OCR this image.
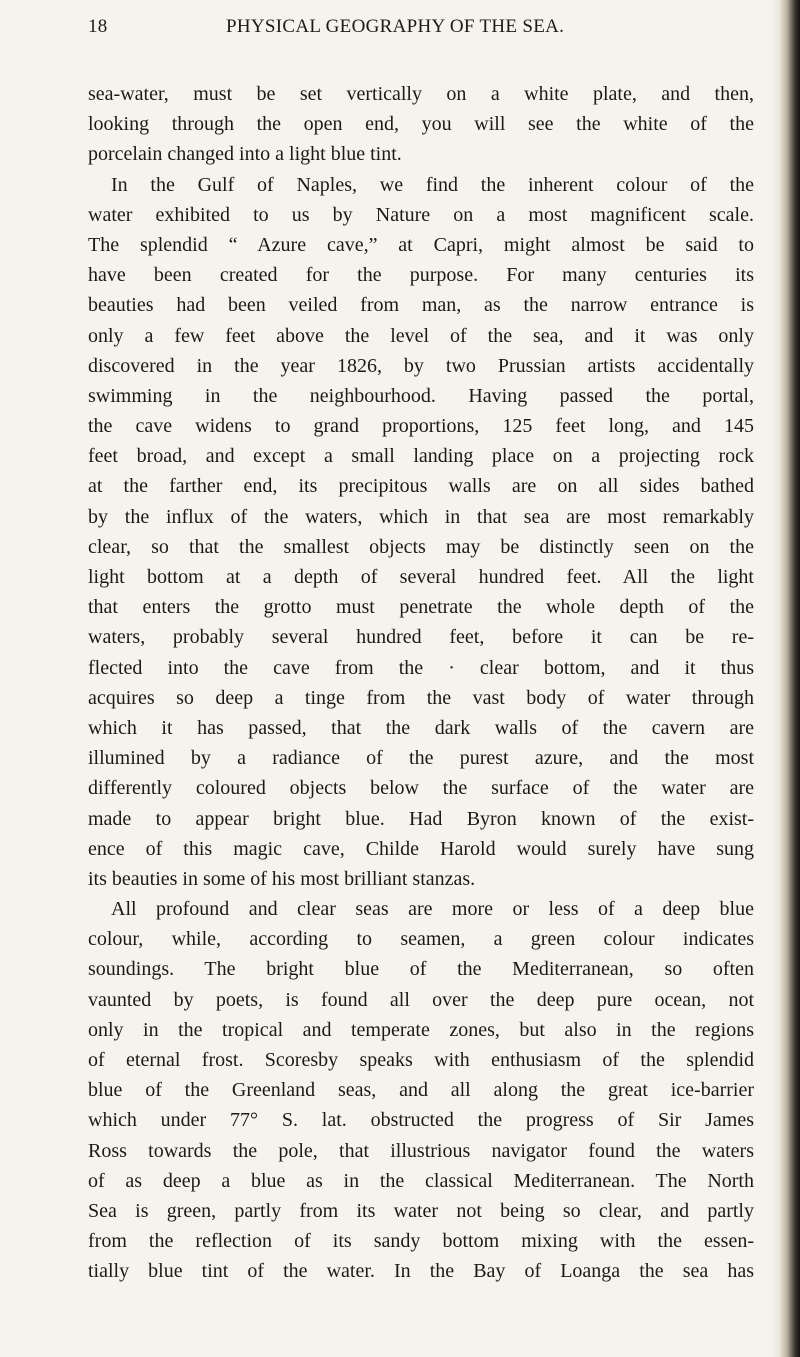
18	PHYSICAL GEOGRAPHY OF THE SEA.
sea-water, must be set vertically on a white plate, and then,
looking through the open end, you will see the white of the
porcelain changed into a light blue tint.
In the Gulf of Naples, we find the inherent colour of the
water exhibited to us by Nature on a most magnificent scale.
The splendid “ Azure cave,” at Capri, might almost be said to
have been created for the purpose. For many centuries its
beauties had been veiled from man, as the narrow entrance is
only a few feet above the level of the sea, and it was only
discovered in the year 1826, by two Prussian artists accidentally
swimming in the neighbourhood. Having passed the portal,
the cave widens to grand proportions, 125 feet long, and 145
feet broad, and except a small landing place on a projecting rock
at the farther end, its precipitous walls are on all sides bathed
by the influx of the waters, which in that sea are most remarkably
clear, so that the smallest objects may be distinctly seen on the
light bottom at a depth of several hundred feet. All the light
that enters the grotto must penetrate the whole depth of the
waters, probably several hundred feet, before it can be re-
flected into the cave from the · clear bottom, and it thus
acquires so deep a tinge from the vast body of water through
which it has passed, that the dark walls of the cavern are
illumined by a radiance of the purest azure, and the most
differently coloured objects below the surface of the water are
made to appear bright blue. Had Byron known of the exist-
ence of this magic cave, Childe Harold would surely have sung
its beauties in some of his most brilliant stanzas.
All profound and clear seas are more or less of a deep blue
colour, while, according to seamen, a green colour indicates
soundings. The bright blue of the Mediterranean, so often
vaunted by poets, is found all over the deep pure ocean, not
only in the tropical and temperate zones, but also in the regions
of eternal frost. Scoresby speaks with enthusiasm of the splendid
blue of the Greenland seas, and all along the great ice-barrier
which under 77° S. lat. obstructed the progress of Sir James
Ross towards the pole, that illustrious navigator found the waters
of as deep a blue as in the classical Mediterranean. The North
Sea is green, partly from its water not being so clear, and partly
from the reflection of its sandy bottom mixing with the essen-
tially blue tint of the water. In the Bay of Loanga the sea has
